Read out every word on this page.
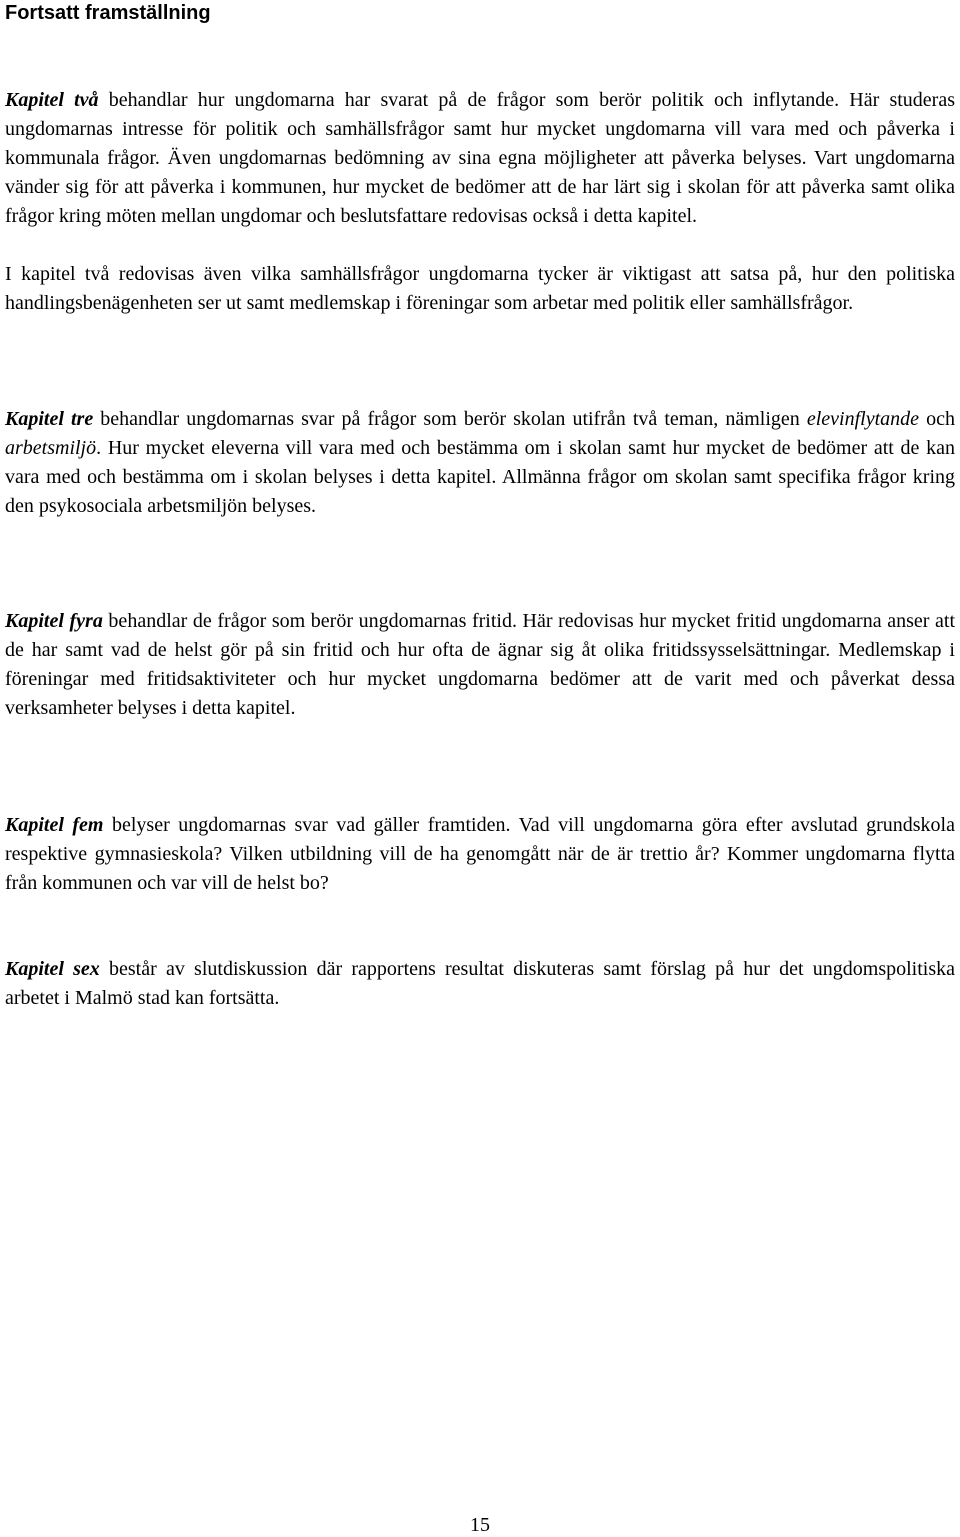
Fortsatt framställning

Kapitel två behandlar hur ungdomarna har svarat på de frågor som berör politik och inflytande. Här studeras ungdomarnas intresse för politik och samhällsfrågor samt hur mycket ungdomarna vill vara med och påverka i kommunala frågor. Även ungdomarnas bedömning av sina egna möjligheter att påverka belyses. Vart ungdomarna vänder sig för att påverka i kommunen, hur mycket de bedömer att de har lärt sig i skolan för att påverka samt olika frågor kring möten mellan ungdomar och beslutsfattare redovisas också i detta kapitel.

I kapitel två redovisas även vilka samhällsfrågor ungdomarna tycker är viktigast att satsa på, hur den politiska handlingsbenägenheten ser ut samt medlemskap i föreningar som arbetar med politik eller samhällsfrågor.

Kapitel tre behandlar ungdomarnas svar på frågor som berör skolan utifrån två teman, nämligen elevinflytande och arbetsmiljö. Hur mycket eleverna vill vara med och bestämma om i skolan samt hur mycket de bedömer att de kan vara med och bestämma om i skolan belyses i detta kapitel. Allmänna frågor om skolan samt specifika frågor kring den psykosociala arbetsmiljön belyses.

Kapitel fyra behandlar de frågor som berör ungdomarnas fritid. Här redovisas hur mycket fritid ungdomarna anser att de har samt vad de helst gör på sin fritid och hur ofta de ägnar sig åt olika fritidssysselsättningar. Medlemskap i föreningar med fritidsaktiviteter och hur mycket ungdomarna bedömer att de varit med och påverkat dessa verksamheter belyses i detta kapitel.

Kapitel fem belyser ungdomarnas svar vad gäller framtiden. Vad vill ungdomarna göra efter avslutad grundskola respektive gymnasieskola? Vilken utbildning vill de ha genomgått när de är trettio år? Kommer ungdomarna flytta från kommunen och var vill de helst bo?

Kapitel sex består av slutdiskussion där rapportens resultat diskuteras samt förslag på hur det ungdomspolitiska arbetet i Malmö stad kan fortsätta.

15
